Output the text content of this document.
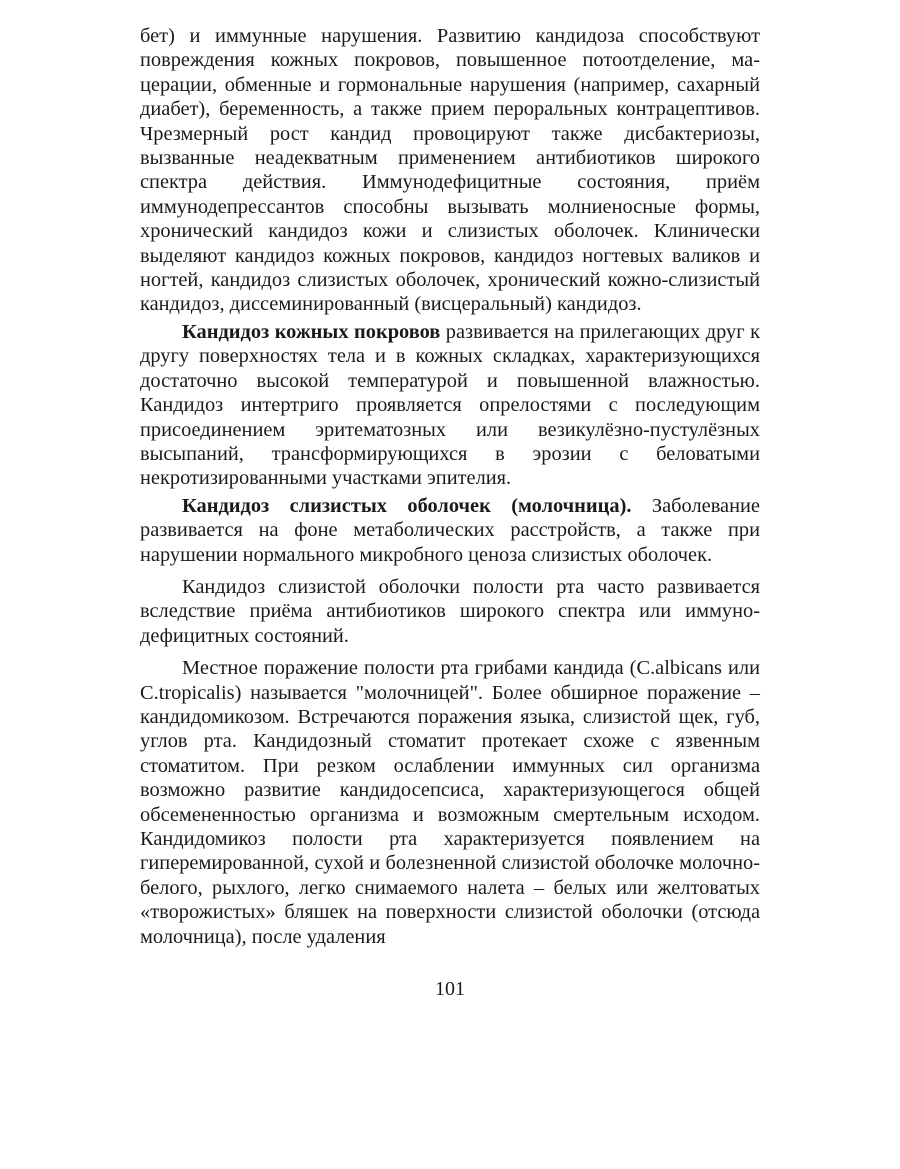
бет) и иммунные нарушения. Развитию кандидоза способствуют повреждения кожных покровов, повышенное потоотделение, мацерации, обменные и гормональные нарушения (например, сахарный диабет), беременность, а также прием пероральных контрацептивов. Чрезмерный рост кандид провоцируют также дисбактериозы, вызванные неадекватным применением антибиотиков широкого спектра действия. Иммунодефицитные состояния, приём иммунодепрессантов способны вызывать молниеносные формы, хронический кандидоз кожи и слизистых оболочек. Клинически выделяют кандидоз кожных покровов, кандидоз ногтевых валиков и ногтей, кандидоз слизистых оболочек, хронический кожно-слизистый кандидоз, диссеминированный (висцеральный) кандидоз.

Кандидоз кожных покровов развивается на прилегающих друг к другу поверхностях тела и в кожных складках, характеризующихся достаточно высокой температурой и повышенной влажностью. Кандидоз интертриго проявляется опрелостями с последующим присоединением эритематозных или везикулёзно-пустулёзных высыпаний, трансформирующихся в эрозии с беловатыми некротизированными участками эпителия.

Кандидоз слизистых оболочек (молочница). Заболевание развивается на фоне метаболических расстройств, а также при нарушении нормального микробного ценоза слизистых оболочек.

Кандидоз слизистой оболочки полости рта часто развивается вследствие приёма антибиотиков широкого спектра или иммунодефицитных состояний.

Местное поражение полости рта грибами кандида (C.albicans или C.tropicalis) называется "молочницей". Более обширное поражение – кандидомикозом. Встречаются поражения языка, слизистой щек, губ, углов рта. Кандидозный стоматит протекает схоже с язвенным стоматитом. При резком ослаблении иммунных сил организма возможно развитие кандидосепсиса, характеризующегося общей обсемененностью организма и возможным смертельным исходом. Кандидомикоз полости рта характеризуется появлением на гиперемированной, сухой и болезненной слизистой оболочке молочно-белого, рыхлого, легко снимаемого налета – белых или желтоватых «творожистых» бляшек на поверхности слизистой оболочки (отсюда молочница), после удаления

101
